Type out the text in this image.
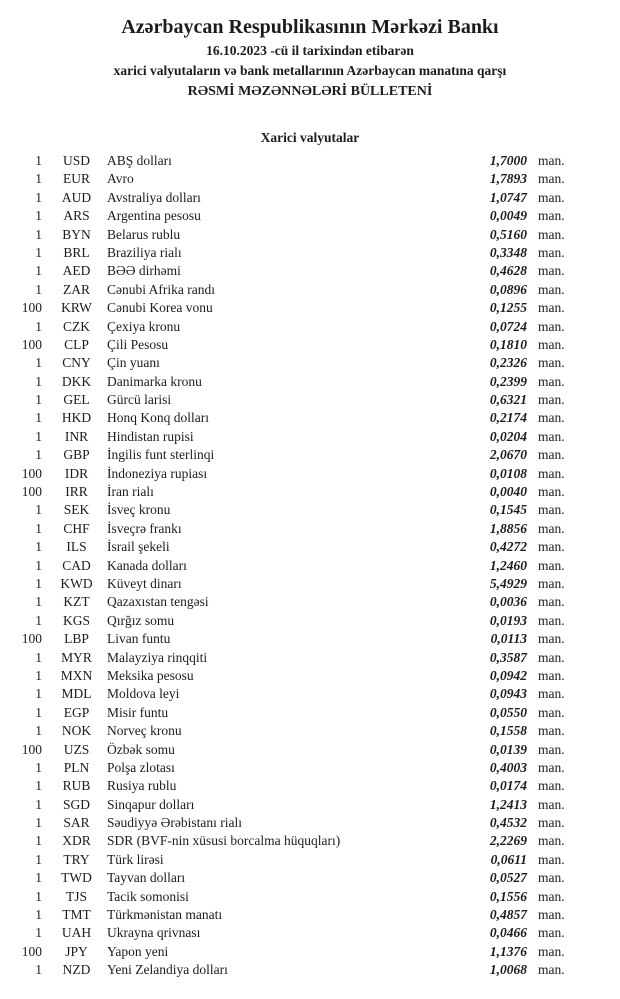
Azərbaycan Respublikasının Mərkəzi Bankı
16.10.2023 -cü il tarixindən etibarən
xarici valyutaların və bank metallarının Azərbaycan manatına qarşı
RƏSMİ MƏZƏNNƏLƏRİ BÜLLETENİ
Xarici valyutalar
1	USD	ABŞ dolları	1,7000 man.
1	EUR	Avro	1,7893 man.
1	AUD	Avstraliya dolları	1,0747 man.
1	ARS	Argentina pesosu	0,0049 man.
1	BYN	Belarus rublu	0,5160 man.
1	BRL	Braziliya rialı	0,3348 man.
1	AED	BƏƏ dirhəmi	0,4628 man.
1	ZAR	Cənubi Afrika randı	0,0896 man.
100	KRW	Cənubi Korea vonu	0,1255 man.
1	CZK	Çexiya kronu	0,0724 man.
100	CLP	Çili Pesosu	0,1810 man.
1	CNY	Çin yuanı	0,2326 man.
1	DKK	Danimarka kronu	0,2399 man.
1	GEL	Gürcü larisi	0,6321 man.
1	HKD	Honq Konq dolları	0,2174 man.
1	INR	Hindistan rupisi	0,0204 man.
1	GBP	İngilis funt sterlinqi	2,0670 man.
100	IDR	İndoneziya rupiası	0,0108 man.
100	IRR	İran rialı	0,0040 man.
1	SEK	İsveç kronu	0,1545 man.
1	CHF	İsveçrə frankı	1,8856 man.
1	ILS	İsrail şekeli	0,4272 man.
1	CAD	Kanada dolları	1,2460 man.
1	KWD	Küveyt dinarı	5,4929 man.
1	KZT	Qazaxıstan tengəsi	0,0036 man.
1	KGS	Qırğız somu	0,0193 man.
100	LBP	Livan funtu	0,0113 man.
1	MYR	Malayziya rinqqiti	0,3587 man.
1	MXN	Meksika pesosu	0,0942 man.
1	MDL	Moldova leyi	0,0943 man.
1	EGP	Misir funtu	0,0550 man.
1	NOK	Norveç kronu	0,1558 man.
100	UZS	Özbək somu	0,0139 man.
1	PLN	Polşa zlotası	0,4003 man.
1	RUB	Rusiya rublu	0,0174 man.
1	SGD	Sinqapur dolları	1,2413 man.
1	SAR	Səudiyyə Ərəbistanı rialı	0,4532 man.
1	XDR	SDR (BVF-nin xüsusi borcalma hüquqları)	2,2269 man.
1	TRY	Türk lirəsi	0,0611 man.
1	TWD	Tayvan dolları	0,0527 man.
1	TJS	Tacik somonisi	0,1556 man.
1	TMT	Türkmənistan manatı	0,4857 man.
1	UAH	Ukrayna qrivnası	0,0466 man.
100	JPY	Yapon yeni	1,1376 man.
1	NZD	Yeni Zelandiya dolları	1,0068 man.
